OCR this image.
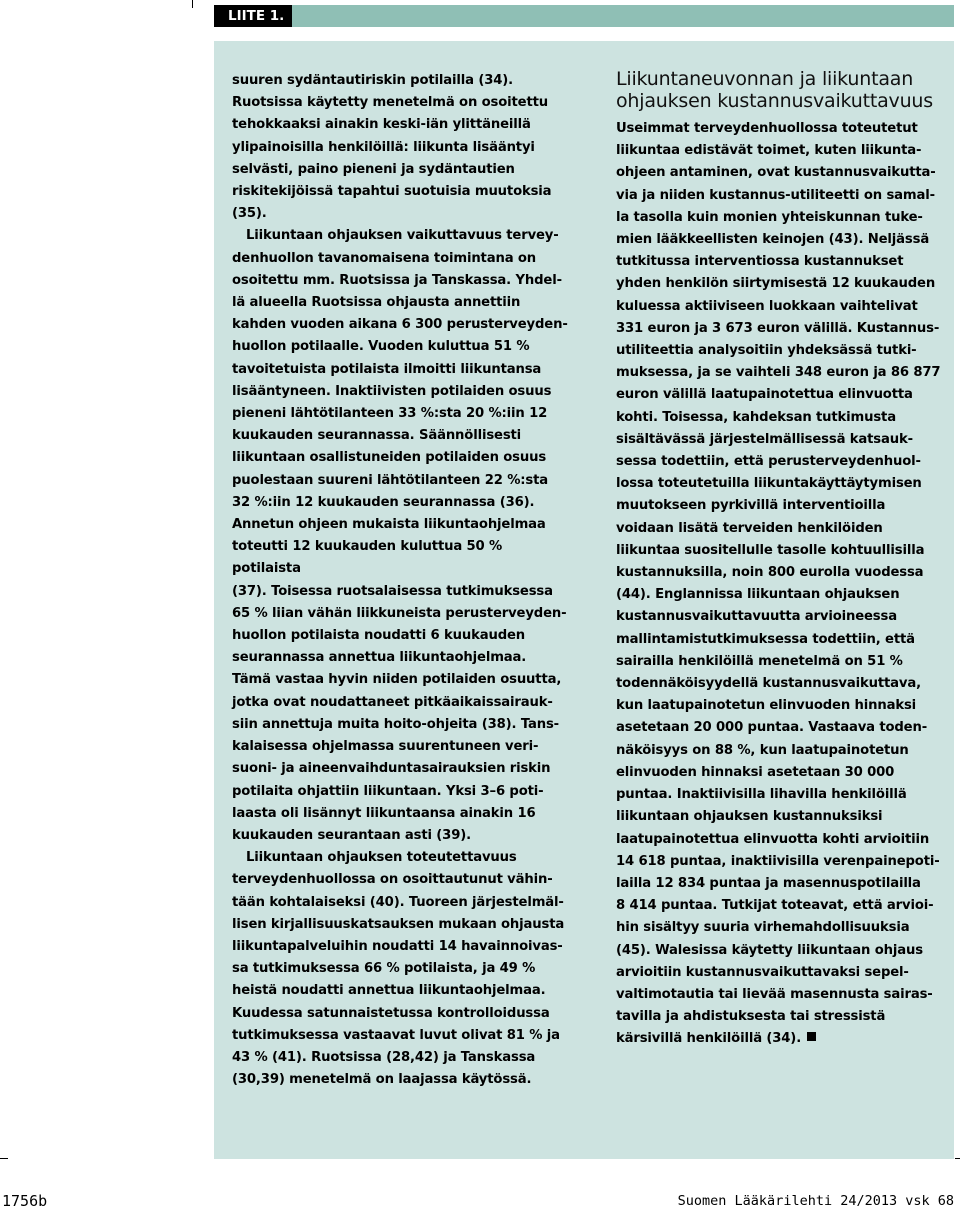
LIITE 1.

suuren sydäntautiriskin potilailla (34).
Ruotsissa käytetty menetelmä on osoitettu
tehokkaaksi ainakin keski-iän ylittäneillä
ylipainoisilla henkilöillä: liikunta lisääntyi
selvästi, paino pieneni ja sydäntautien
riskitekijöissä tapahtui suotuisia muutoksia
(35).

Liikuntaan ohjauksen vaikuttavuus tervey-
denhuollon tavanomaisena toimintana on
osoitettu mm. Ruotsissa ja Tanskassa. Yhdel-
lä alueella Ruotsissa ohjausta annettiin
kahden vuoden aikana 6 300 perusterveyden-
huollon potilaalle. Vuoden kuluttua 51 %
tavoitetuista potilaista ilmoitti liikuntansa
lisääntyneen. Inaktiivisten potilaiden osuus
pieneni lähtötilanteen 33 %:sta 20 %:iin 12
kuukauden seurannassa. Säännöllisesti
liikuntaan osallistuneiden potilaiden osuus
puolestaan suureni lähtötilanteen 22 %:sta
32 %:iin 12 kuukauden seurannassa (36).
Annetun ohjeen mukaista liikuntaohjelmaa
toteutti 12 kuukauden kuluttua 50 % potilaista
(37). Toisessa ruotsalaisessa tutkimuksessa
65 % liian vähän liikkuneista perusterveyden-
huollon potilaista noudatti 6 kuukauden
seurannassa annettua liikuntaohjelmaa.
Tämä vastaa hyvin niiden potilaiden osuutta,
jotka ovat noudattaneet pitkäaikaissairauk-
siin annettuja muita hoito-ohjeita (38). Tans-
kalaisessa ohjelmassa suurentuneen veri-
suoni- ja aineenvaihduntasairauksien riskin
potilaita ohjattiin liikuntaan. Yksi 3–6 poti-
laasta oli lisännyt liikuntaansa ainakin 16
kuukauden seurantaan asti (39).

Liikuntaan ohjauksen toteutettavuus
terveydenhuollossa on osoittautunut vähin-
tään kohtalaiseksi (40). Tuoreen järjestelmäl-
lisen kirjallisuuskatsauksen mukaan ohjausta
liikuntapalveluihin noudatti 14 havainnoivas-
sa tutkimuksessa 66 % potilaista, ja 49 %
heistä noudatti annettua liikuntaohjelmaa.
Kuudessa satunnaistetussa kontrolloidussa
tutkimuksessa vastaavat luvut olivat 81 % ja
43 % (41). Ruotsissa (28,42) ja Tanskassa
(30,39) menetelmä on laajassa käytössä.

Liikuntaneuvonnan ja liikuntaan
ohjauksen kustannusvaikuttavuus

Useimmat terveydenhuollossa toteutetut
liikuntaa edistävät toimet, kuten liikunta-
ohjeen antaminen, ovat kustannusvaikutta-
via ja niiden kustannus-utiliteetti on samal-
la tasolla kuin monien yhteiskunnan tuke-
mien lääkkeellisten keinojen (43). Neljässä
tutkitussa interventiossa kustannukset
yhden henkilön siirtymisestä 12 kuukauden
kuluessa aktiiviseen luokkaan vaihtelivat
331 euron ja 3 673 euron välillä. Kustannus-
utiliteettia analysoitiin yhdeksässä tutki-
muksessa, ja se vaihteli 348 euron ja 86 877
euron välillä laatupainotettua elinvuotta
kohti. Toisessa, kahdeksan tutkimusta
sisältävässä järjestelmällisessä katsauk-
sessa todettiin, että perusterveydenhuol-
lossa toteutetuilla liikuntakäyttäytymisen
muutokseen pyrkivillä interventioilla
voidaan lisätä terveiden henkilöiden
liikuntaa suositellulle tasolle kohtuullisilla
kustannuksilla, noin 800 eurolla vuodessa
(44). Englannissa liikuntaan ohjauksen
kustannusvaikuttavuutta arvioineessa
mallintamistutkimuksessa todettiin, että
sairailla henkilöillä menetelmä on 51 %
todennäköisyydellä kustannusvaikuttava,
kun laatupainotetun elinvuoden hinnaksi
asetetaan 20 000 puntaa. Vastaava toden-
näköisyys on 88 %, kun laatupainotetun
elinvuoden hinnaksi asetetaan 30 000
puntaa. Inaktiivisilla lihavilla henkilöillä
liikuntaan ohjauksen kustannuksiksi
laatupainotettua elinvuotta kohti arvioitiin
14 618 puntaa, inaktiivisilla verenpainepoti-
lailla 12 834 puntaa ja masennuspotilailla
8 414 puntaa. Tutkijat toteavat, että arvioi-
hin sisältyy suuria virhemahdollisuuksia
(45). Walesissa käytetty liikuntaan ohjaus
arvioitiin kustannusvaikuttavaksi sepel-
valtimotautia tai lievää masennusta sairas-
tavilla ja ahdistuksesta tai stressistä
kärsivillä henkilöillä (34).

1756b	Suomen Lääkärilehti 24/2013 vsk 68
